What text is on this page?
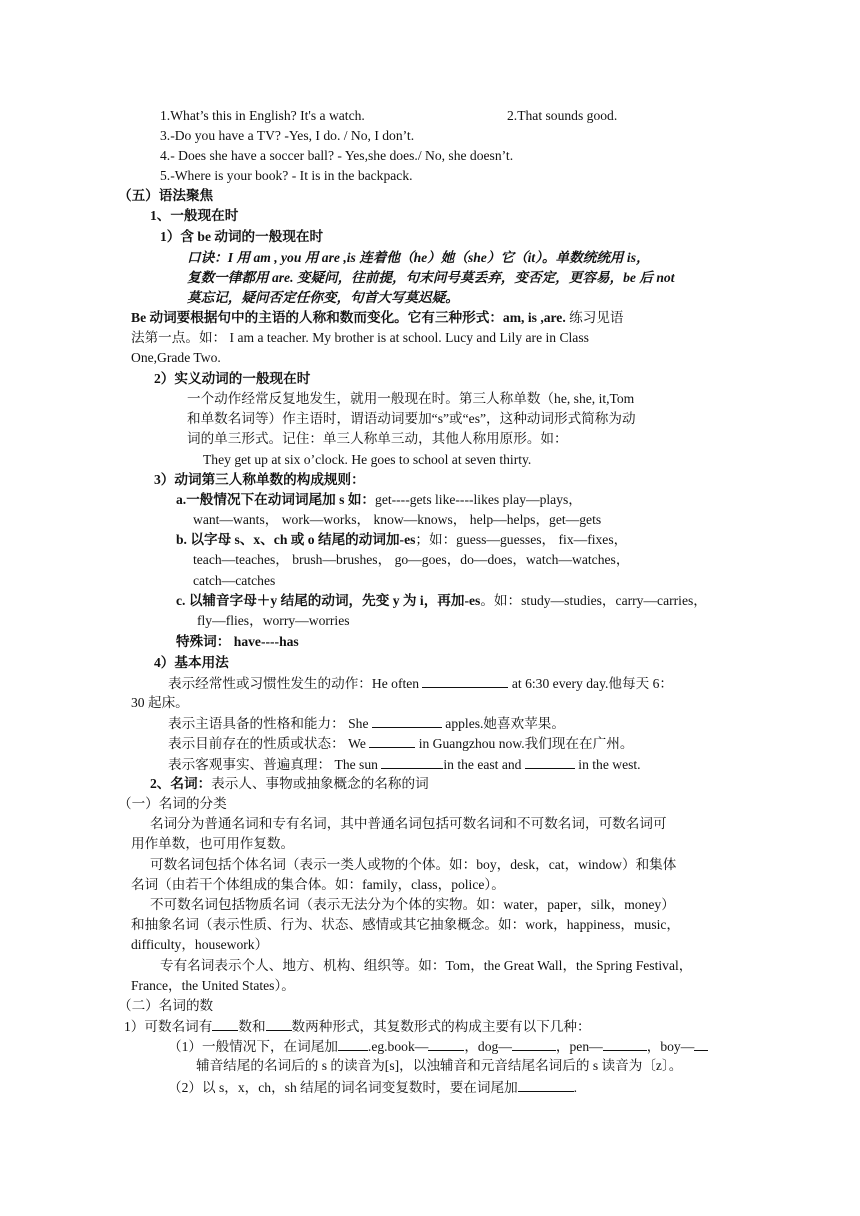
1.What’s this in English? It's a watch.	2.That sounds good.
3.-Do you have a TV? -Yes, I do. / No, I don’t.
4.- Does she have a soccer ball? - Yes,she does./ No, she doesn’t.
5.-Where is your book? - It is in the backpack.
（五）语法聚焦
1、一般现在时
1）含 be 动词的一般现在时
口诀：I 用 am , you 用 are ,is 连着他（he）她（she）它（it）。单数统统用 is，
复数一律都用 are. 变疑问，往前提，句末问号莫丢弃，变否定，更容易，be 后 not
莫忘记，疑问否定任你变，句首大写莫迟疑。
Be 动词要根据句中的主语的人称和数而变化。它有三种形式：am, is ,are. 练习见语
法第一点。如： I am a teacher. My brother is at school. Lucy and Lily are in Class
One,Grade Two.
2）实义动词的一般现在时
一个动作经常反复地发生，就用一般现在时。第三人称单数（he, she, it,Tom
和单数名词等）作主语时，谓语动词要加“s”或“es”，这种动词形式简称为动
词的单三形式。记住：单三人称单三动，其他人称用原形。如：
They get up at six o’clock. He goes to school at seven thirty.
3）动词第三人称单数的构成规则：
a.一般情况下在动词词尾加 s 如：get----gets like----likes play—plays，
want—wants， work—works， know—knows， help—helps，get—gets
b. 以字母 s、x、ch 或 o 结尾的动词加-es；如：guess—guesses， fix—fixes，
teach—teaches， brush—brushes， go—goes，do—does，watch—watches，
catch—catches
c. 以辅音字母＋y 结尾的动词，先变 y 为 i，再加-es。如：study—studies，carry—carries，
fly—flies，worry—worries
特殊词： have----has
4）基本用法
表示经常性或习惯性发生的动作：He often	at 6:30 every day.他每天 6：
30 起床。
表示主语具备的性格和能力： She	apples.她喜欢苹果。
表示目前存在的性质或状态： We	in Guangzhou now.我们现在在广州。
表示客观事实、普遍真理： The sun	in the east and	in the west.
2、名词：表示人、事物或抽象概念的名称的词
（一）名词的分类
名词分为普通名词和专有名词，其中普通名词包括可数名词和不可数名词，可数名词可
用作单数，也可用作复数。
可数名词包括个体名词（表示一类人或物的个体。如：boy，desk，cat，window）和集体
名词（由若干个体组成的集合体。如：family，class，police）。
不可数名词包括物质名词（表示无法分为个体的实物。如：water，paper，silk，money）
和抽象名词（表示性质、行为、状态、感情或其它抽象概念。如：work，happiness，music，
difficulty，housework）
专有名词表示个人、地方、机构、组织等。如：Tom，the Great Wall，the Spring Festival，
France，the United States）。
（二）名词的数
1）可数名词有 数和 数两种形式，其复数形式的构成主要有以下几种：
（1）一般情况下，在词尾加 .eg.book—	，dog—	，pen—	，boy—
辅音结尾的名词后的 s 的读音为[s]，以浊辅音和元音结尾名词后的 s 读音为〔z〕。
（2）以 s，x，ch，sh 结尾的词名词变复数时，要在词尾加	.
